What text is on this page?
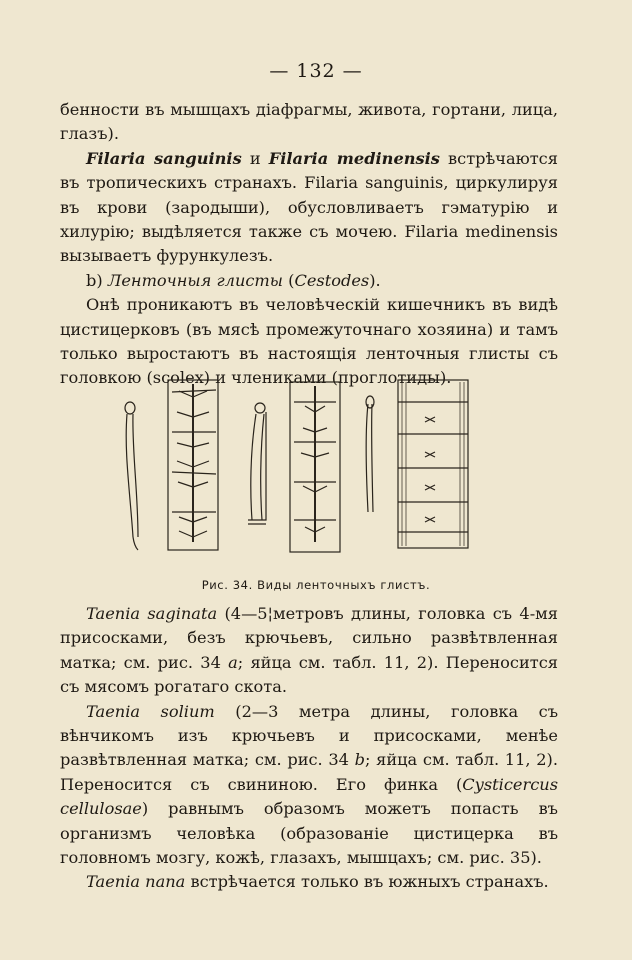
— 132 —

бенности въ мышцахъ діафрагмы, живота, гортани, лица, глазъ).

Filaria sanguinis и Filaria medinensis встрѣчаются въ тропическихъ странахъ. Filaria sanguinis, циркулируя въ крови (зародыши), обусловливаетъ гэматурію и хилурію; выдѣляется также съ мочею. Filaria medinensis вызываетъ фурункулезъ.

b) Ленточныя глисты (Cestodes).

Онѣ проникаютъ въ человѣческій кишечникъ въ видѣ цистицерковъ (въ мясѣ промежуточнаго хозяина) и тамъ только выростаютъ въ настоящія ленточныя глисты съ головкою (scolex) и члениками (проглотиды).

Рис. 34. Виды ленточныхъ глистъ.

Taenia saginata (4—5¦метровъ длины, головка съ 4-мя присосками, безъ крючьевъ, сильно развѣтвленная матка; см. рис. 34 a; яйца см. табл. 11, 2). Переносится съ мясомъ рогатаго скота.

Taenia solium (2—3 метра длины, головка съ вѣнчикомъ изъ крючьевъ и присосками, менѣе развѣтвленная матка; см. рис. 34 b; яйца см. табл. 11, 2). Переносится съ свининою. Его финка (Cysticercus cellulosae) равнымъ образомъ можетъ попасть въ организмъ человѣка (образованіе цистицерка въ головномъ мозгу, кожѣ, глазахъ, мышцахъ; см. рис. 35).

Taenia nana встрѣчается только въ южныхъ странахъ.
